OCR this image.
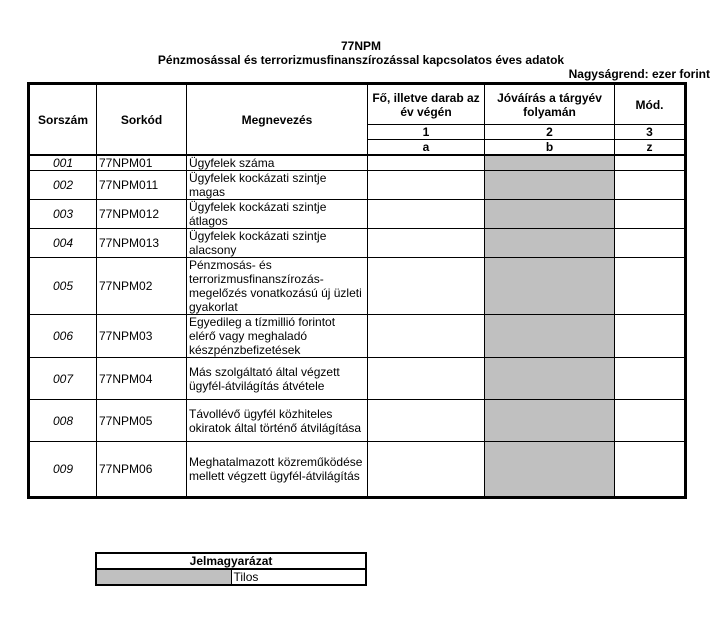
77NPM
Pénzmosással és terrorizmusfinanszírozással kapcsolatos éves adatok
Nagyságrend: ezer forint
Sorszám	Sorkód	Megnevezés	Fő, illetve darab az év végén	Jóváírás a tárgyév folyamán	Mód.
			1	2	3
			a	b	z
001	77NPM01	Ügyfelek száma			
002	77NPM011	Ügyfelek kockázati szintje magas			
003	77NPM012	Ügyfelek kockázati szintje átlagos			
004	77NPM013	Ügyfelek kockázati szintje alacsony			
005	77NPM02	Pénzmosás- és terrorizmusfinanszírozás-megelőzés vonatkozású új üzleti gyakorlat			
006	77NPM03	Egyedileg a tízmillió forintot elérő vagy meghaladó készpénzbefizetések			
007	77NPM04	Más szolgáltató által végzett ügyfél-átvilágítás átvétele			
008	77NPM05	Távollévő ügyfél közhiteles okiratok által történő átvilágítása			
009	77NPM06	Meghatalmazott közreműködése mellett végzett ügyfél-átvilágítás			
Jelmagyarázat
	Tilos
